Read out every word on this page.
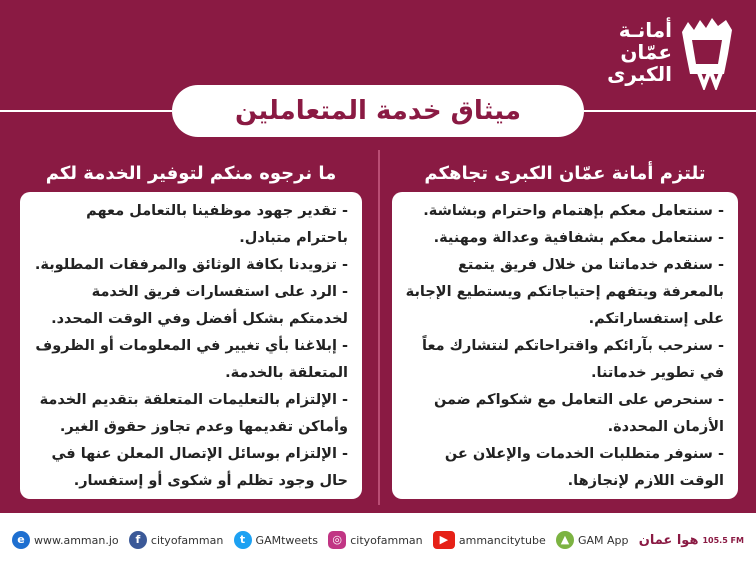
أمانـة
عمّان
الكبرى
ميثاق خدمة المتعاملين
تلتزم أمانة عمّان الكبرى تجاهكم
- سنتعامل معكم بإهتمام واحترام وبشاشة.
- سنتعامل معكم بشفافية وعدالة ومهنية.
- سنقدم خدماتنا من خلال فريق يتمتع بالمعرفة ويتفهم إحتياجاتكم ويستطيع الإجابة على إستفساراتكم.
- سنرحب بآرائكم واقتراحاتكم لنتشارك معاً في تطوير خدماتنا.
- سنحرص على التعامل مع شكواكم ضمن الأزمان المحددة.
- سنوفر متطلبات الخدمات والإعلان عن الوقت اللازم لإنجازها.
ما نرجوه منكم لتوفير الخدمة لكم
- تقدير جهود موظفينا بالتعامل معهم باحترام متبادل.
- تزويدنا بكافة الوثائق والمرفقات المطلوبة.
- الرد على استفسارات فريق الخدمة لخدمتكم بشكل أفضل وفي الوقت المحدد.
- إبلاغنا بأي تغيير في المعلومات أو الظروف المتعلقة بالخدمة.
- الإلتزام بالتعليمات المتعلقة بتقديم الخدمة وأماكن تقديمها وعدم تجاوز حقوق الغير.
- الإلتزام بوسائل الإتصال المعلن عنها في حال وجود تظلم أو شكوى أو إستفسار.
e www.amman.jo	f cityofamman	t GAMtweets	◎ cityofamman	▶ ammancitytube	▲ GAM App هوا عمان 105.5 FM
